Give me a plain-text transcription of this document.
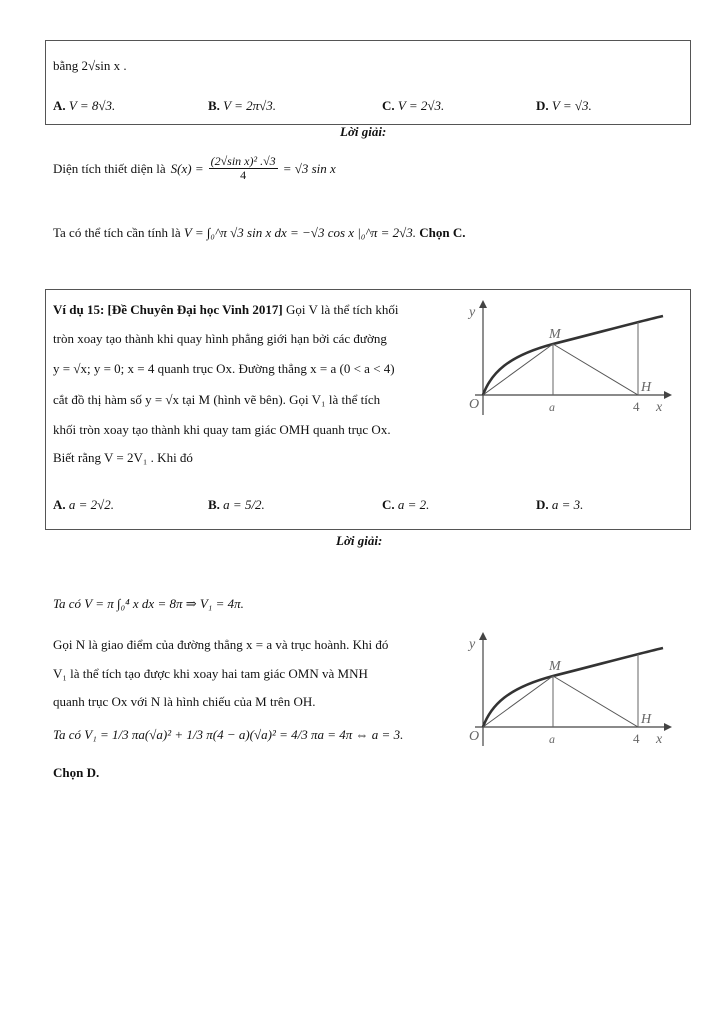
bằng 2√sin x .
A. V = 8√3.	B. V = 2π√3.	C. V = 2√3.	D. V = √3.
Lời giải:
Diện tích thiết diện là $S(x) = \frac{\text{(2√sin x)² .√3}}{4} = √3$ sin x
Ta có thể tích cần tính là V = ∫₀^π √3 sin x dx = −√3 cos x |₀^π = 2√3. Chọn C.
Ví dụ 15: [Đề Chuyên Đại học Vinh 2017] Gọi V là thể tích khối
tròn xoay tạo thành khi quay hình phẳng giới hạn bởi các đường
y = √x; y = 0; x = 4 quanh trục Ox. Đường thẳng x = a (0 < a < 4)
cắt đồ thị hàm số y = √x tại M (hình vẽ bên). Gọi V₁ là thể tích
khối tròn xoay tạo thành khi quay tam giác OMH quanh trục Ox.
Biết rằng V = 2V₁ . Khi đó
A. a = 2√2.	B. a = 5/2.	C. a = 2.	D. a = 3.
y
M
H
O	a	4 x
Lời giải:
Ta có V = π ∫₀⁴ x dx = 8π ⇒ V₁ = 4π.
Gọi N là giao điểm của đường thẳng x = a và trục hoành. Khi đó
V₁ là thể tích tạo được khi xoay hai tam giác OMN và MNH
quanh trục Ox với N là hình chiếu của M trên OH.
Ta có V₁ = 1/3 πa(√a)² + 1/3 π(4 − a)(√a)² = 4/3 πa = 4π ⇔ a = 3.
Chọn D.
y
M
H
O	a	4 x
